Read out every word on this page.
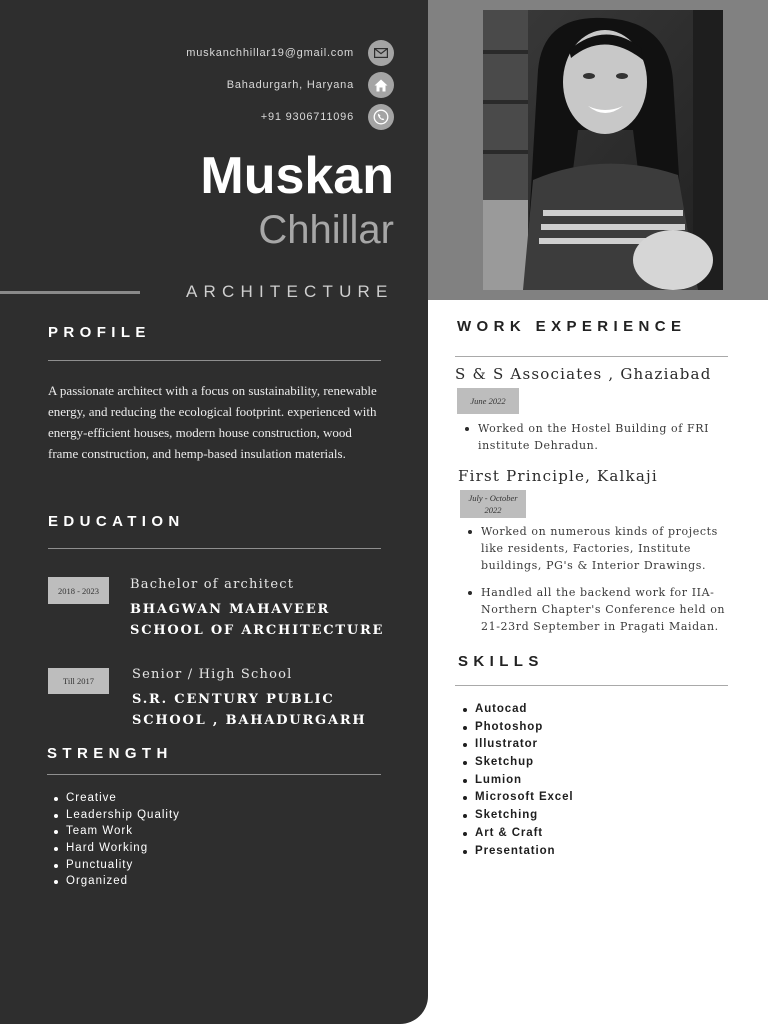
muskanchhillar19@gmail.com
Bahadurgarh, Haryana
+91 9306711096
Muskan
Chhillar
ARCHITECTURE
PROFILE
A passionate architect with a focus on sustainability, renewable energy, and reducing the ecological footprint. experienced with energy-efficient houses, modern house construction, wood frame construction, and hemp-based insulation materials.
EDUCATION
2018 - 2023	Bachelor of architect
BHAGWAN MAHAVEER
SCHOOL OF ARCHITECTURE
Till 2017	Senior / High School
S.R. CENTURY PUBLIC
SCHOOL , BAHADURGARH
STRENGTH
Creative
Leadership Quality
Team Work
Hard Working
Punctuality
Organized
WORK EXPERIENCE
S & S Associates , Ghaziabad
June 2022
Worked on the Hostel Building of FRI institute Dehradun.
First Principle, Kalkaji
July - October
2022
Worked on numerous kinds of projects like residents, Factories, Institute buildings, PG's & Interior Drawings.
Handled all the backend work for IIA-Northern Chapter's Conference held on 21-23rd September in Pragati Maidan.
SKILLS
Autocad
Photoshop
Illustrator
Sketchup
Lumion
Microsoft Excel
Sketching
Art & Craft
Presentation
